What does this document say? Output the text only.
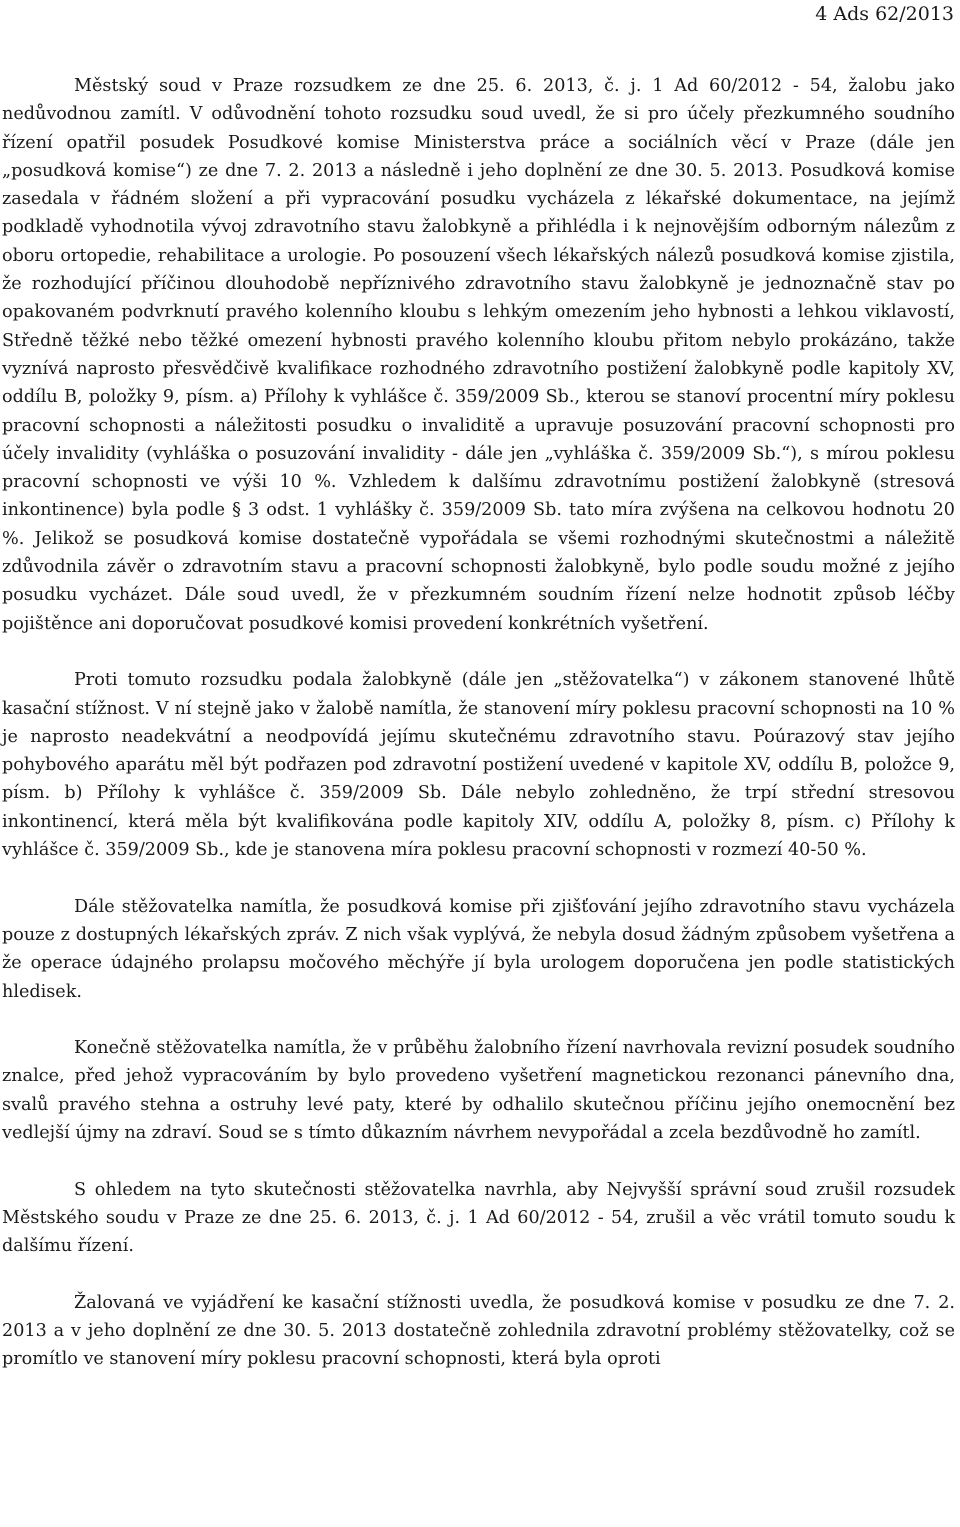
4 Ads 62/2013

Městský soud v Praze rozsudkem ze dne 25. 6. 2013, č. j. 1 Ad 60/2012 - 54, žalobu jako nedůvodnou zamítl. V odůvodnění tohoto rozsudku soud uvedl, že si pro účely přezkumného soudního řízení opatřil posudek Posudkové komise Ministerstva práce a sociálních věcí v Praze (dále jen „posudková komise“) ze dne 7. 2. 2013 a následně i jeho doplnění ze dne 30. 5. 2013. Posudková komise zasedala v řádném složení a při vypracování posudku vycházela z lékařské dokumentace, na jejímž podkladě vyhodnotila vývoj zdravotního stavu žalobkyně a přihlédla i k nejnovějším odborným nálezům z oboru ortopedie, rehabilitace a urologie. Po posouzení všech lékařských nálezů posudková komise zjistila, že rozhodující příčinou dlouhodobě nepříznivého zdravotního stavu žalobkyně je jednoznačně stav po opakovaném podvrknutí pravého kolenního kloubu s lehkým omezením jeho hybnosti a lehkou viklavostí, Středně těžké nebo těžké omezení hybnosti pravého kolenního kloubu přitom nebylo prokázáno, takže vyznívá naprosto přesvědčivě kvalifikace rozhodného zdravotního postižení žalobkyně podle kapitoly XV, oddílu B, položky 9, písm. a) Přílohy k vyhlášce č. 359/2009 Sb., kterou se stanoví procentní míry poklesu pracovní schopnosti a náležitosti posudku o invaliditě a upravuje posuzování pracovní schopnosti pro účely invalidity (vyhláška o posuzování invalidity - dále jen „vyhláška č. 359/2009 Sb.“), s mírou poklesu pracovní schopnosti ve výši 10 %. Vzhledem k dalšímu zdravotnímu postižení žalobkyně (stresová inkontinence) byla podle § 3 odst. 1 vyhlášky č. 359/2009 Sb. tato míra zvýšena na celkovou hodnotu 20 %. Jelikož se posudková komise dostatečně vypořádala se všemi rozhodnými skutečnostmi a náležitě zdůvodnila závěr o zdravotním stavu a pracovní schopnosti žalobkyně, bylo podle soudu možné z jejího posudku vycházet. Dále soud uvedl, že v přezkumném soudním řízení nelze hodnotit způsob léčby pojištěnce ani doporučovat posudkové komisi provedení konkrétních vyšetření.

Proti tomuto rozsudku podala žalobkyně (dále jen „stěžovatelka“) v zákonem stanovené lhůtě kasační stížnost. V ní stejně jako v žalobě namítla, že stanovení míry poklesu pracovní schopnosti na 10 % je naprosto neadekvátní a neodpovídá jejímu skutečnému zdravotního stavu. Poúrazový stav jejího pohybového aparátu měl být podřazen pod zdravotní postižení uvedené v kapitole XV, oddílu B, položce 9, písm. b) Přílohy k vyhlášce č. 359/2009 Sb. Dále nebylo zohledněno, že trpí střední stresovou inkontinencí, která měla být kvalifikována podle kapitoly XIV, oddílu A, položky 8, písm. c) Přílohy k vyhlášce č. 359/2009 Sb., kde je stanovena míra poklesu pracovní schopnosti v rozmezí 40-50 %.

Dále stěžovatelka namítla, že posudková komise při zjišťování jejího zdravotního stavu vycházela pouze z dostupných lékařských zpráv. Z nich však vyplývá, že nebyla dosud žádným způsobem vyšetřena a že operace údajného prolapsu močového měchýře jí byla urologem doporučena jen podle statistických hledisek.

Konečně stěžovatelka namítla, že v průběhu žalobního řízení navrhovala revizní posudek soudního znalce, před jehož vypracováním by bylo provedeno vyšetření magnetickou rezonanci pánevního dna, svalů pravého stehna a ostruhy levé paty, které by odhalilo skutečnou příčinu jejího onemocnění bez vedlejší újmy na zdraví. Soud se s tímto důkazním návrhem nevypořádal a zcela bezdůvodně ho zamítl.

S ohledem na tyto skutečnosti stěžovatelka navrhla, aby Nejvyšší správní soud zrušil rozsudek Městského soudu v Praze ze dne 25. 6. 2013, č. j. 1 Ad 60/2012 - 54, zrušil a věc vrátil tomuto soudu k dalšímu řízení.

Žalovaná ve vyjádření ke kasační stížnosti uvedla, že posudková komise v posudku ze dne 7. 2. 2013 a v jeho doplnění ze dne 30. 5. 2013 dostatečně zohlednila zdravotní problémy stěžovatelky, což se promítlo ve stanovení míry poklesu pracovní schopnosti, která byla oproti
